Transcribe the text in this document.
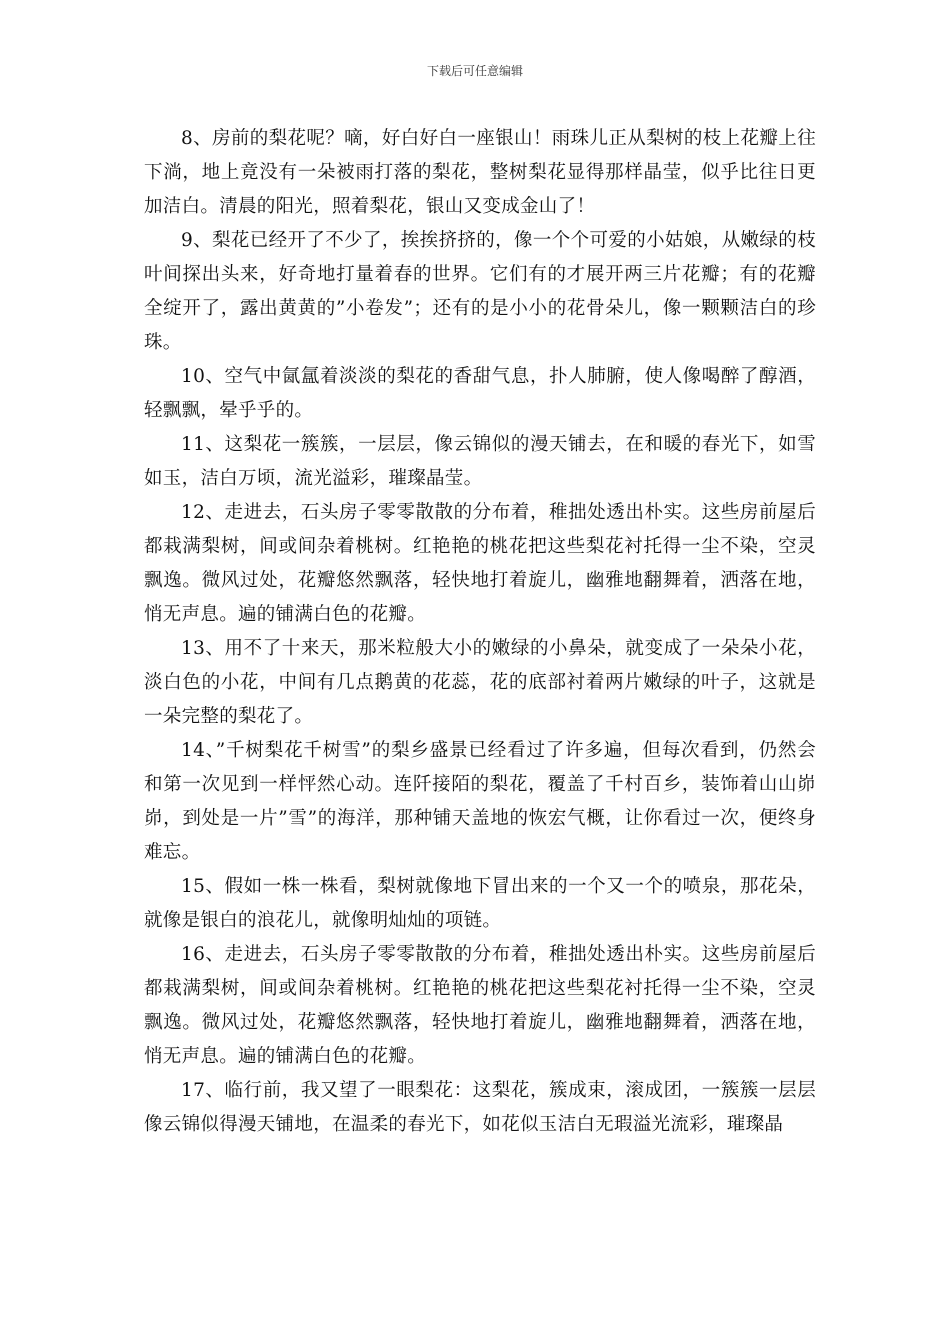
下载后可任意编辑

8、房前的梨花呢？嘀，好白好白一座银山！雨珠儿正从梨树的枝上花瓣上往下淌，地上竟没有一朵被雨打落的梨花，整树梨花显得那样晶莹，似乎比往日更加洁白。清晨的阳光，照着梨花，银山又变成金山了！

9、梨花已经开了不少了，挨挨挤挤的，像一个个可爱的小姑娘，从嫩绿的枝叶间探出头来，好奇地打量着春的世界。它们有的才展开两三片花瓣；有的花瓣全绽开了，露出黄黄的”小卷发”；还有的是小小的花骨朵儿，像一颗颗洁白的珍珠。

10、空气中氤氲着淡淡的梨花的香甜气息，扑人肺腑，使人像喝醉了醇酒，轻飘飘，晕乎乎的。

11、这梨花一簇簇，一层层，像云锦似的漫天铺去，在和暖的春光下，如雪如玉，洁白万顷，流光溢彩，璀璨晶莹。

12、走进去，石头房子零零散散的分布着，稚拙处透出朴实。这些房前屋后都栽满梨树，间或间杂着桃树。红艳艳的桃花把这些梨花衬托得一尘不染，空灵飘逸。微风过处，花瓣悠然飘落，轻快地打着旋儿，幽雅地翻舞着，洒落在地，悄无声息。遍的铺满白色的花瓣。

13、用不了十来天，那米粒般大小的嫩绿的小鼻朵，就变成了一朵朵小花，淡白色的小花，中间有几点鹅黄的花蕊，花的底部衬着两片嫩绿的叶子，这就是一朵完整的梨花了。

14、”千树梨花千树雪”的梨乡盛景已经看过了许多遍，但每次看到，仍然会和第一次见到一样怦然心动。连阡接陌的梨花，覆盖了千村百乡，装饰着山山峁峁，到处是一片”雪”的海洋，那种铺天盖地的恢宏气概，让你看过一次，便终身难忘。

15、假如一株一株看，梨树就像地下冒出来的一个又一个的喷泉，那花朵，就像是银白的浪花儿，就像明灿灿的项链。

16、走进去，石头房子零零散散的分布着，稚拙处透出朴实。这些房前屋后都栽满梨树，间或间杂着桃树。红艳艳的桃花把这些梨花衬托得一尘不染，空灵飘逸。微风过处，花瓣悠然飘落，轻快地打着旋儿，幽雅地翻舞着，洒落在地，悄无声息。遍的铺满白色的花瓣。

17、临行前，我又望了一眼梨花：这梨花，簇成束，滚成团，一簇簇一层层像云锦似得漫天铺地，在温柔的春光下，如花似玉洁白无瑕溢光流彩，璀璨晶
